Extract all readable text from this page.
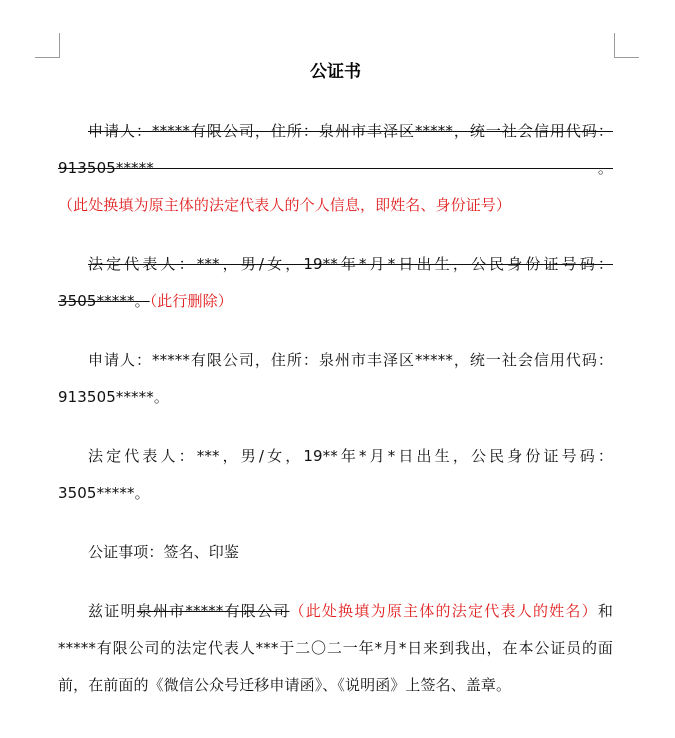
公证书

申请人：*****有限公司，住所：泉州市丰泽区*****，统一社会信用代码：913505*****。（此处换填为原主体的法定代表人的个人信息，即姓名、身份证号）

法定代表人：***，男/女，19**年*月*日出生，公民身份证号码：3505*****。（此行删除）

申请人：*****有限公司，住所：泉州市丰泽区*****，统一社会信用代码：913505*****。

法定代表人：***，男/女，19**年*月*日出生，公民身份证号码：3505*****。

公证事项：签名、印鉴

兹证明泉州市*****有限公司（此处换填为原主体的法定代表人的姓名）和*****有限公司的法定代表人***于二〇二一年*月*日来到我出，在本公证员的面前，在前面的《微信公众号迁移申请函》、《说明函》上签名、盖章。
